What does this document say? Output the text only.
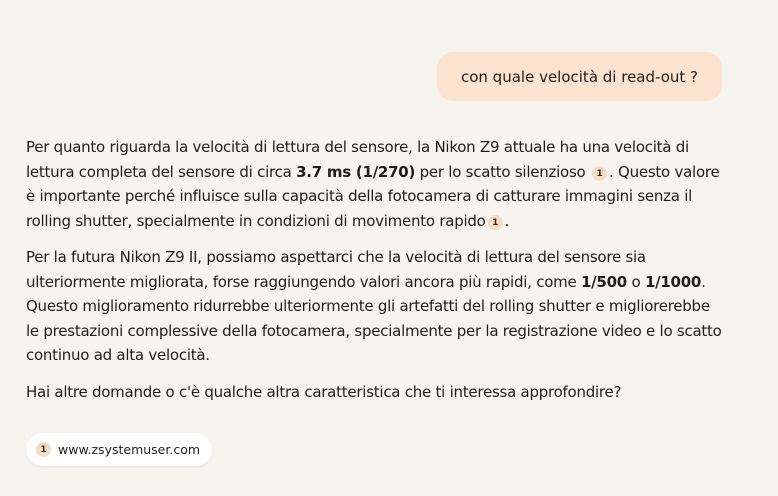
con quale velocità di read-out ?

Per quanto riguarda la velocità di lettura del sensore, la Nikon Z9 attuale ha una velocità di lettura completa del sensore di circa 3.7 ms (1/270) per lo scatto silenzioso 1 . Questo valore è importante perché influisce sulla capacità della fotocamera di catturare immagini senza il rolling shutter, specialmente in condizioni di movimento rapido 1 .

Per la futura Nikon Z9 II, possiamo aspettarci che la velocità di lettura del sensore sia ulteriormente migliorata, forse raggiungendo valori ancora più rapidi, come 1/500 o 1/1000. Questo miglioramento ridurrebbe ulteriormente gli artefatti del rolling shutter e migliorerebbe le prestazioni complessive della fotocamera, specialmente per la registrazione video e lo scatto continuo ad alta velocità.

Hai altre domande o c'è qualche altra caratteristica che ti interessa approfondire?

1 www.zsystemuser.com
